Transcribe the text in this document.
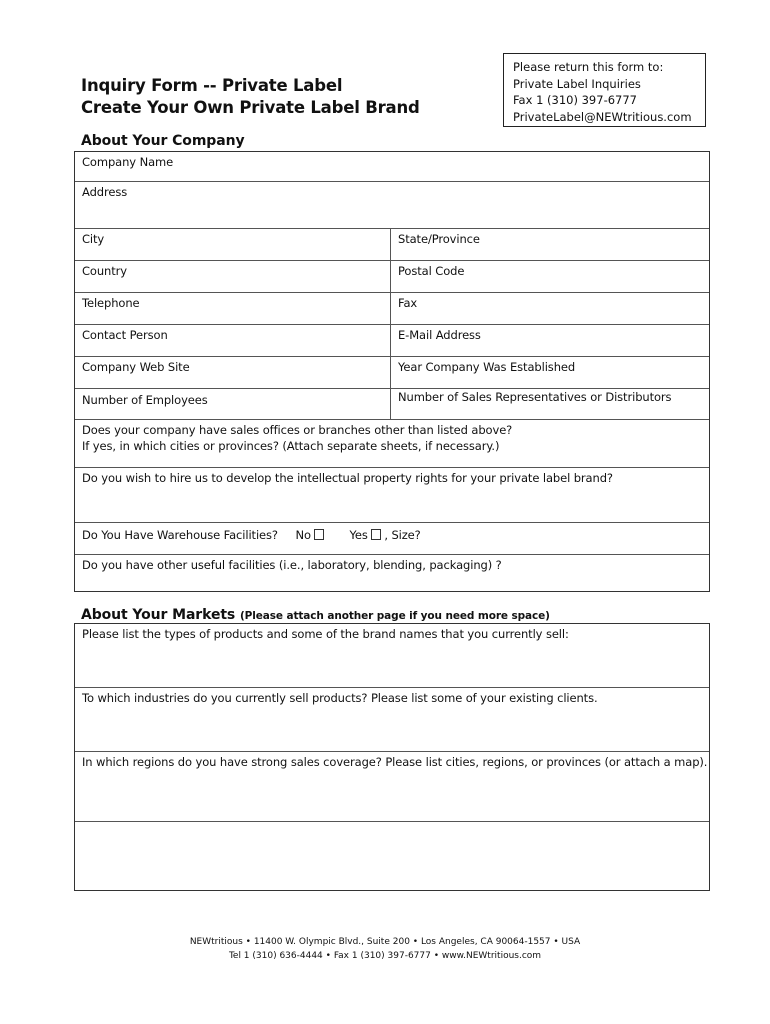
Inquiry Form -- Private Label
Create Your Own Private Label Brand
Please return this form to:
Private Label Inquiries
Fax 1 (310) 397-6777
PrivateLabel@NEWtritious.com
About Your Company
Company Name
Address
City	State/Province
Country	Postal Code
Telephone	Fax
Contact Person	E-Mail Address
Company Web Site	Year Company Was Established
Number of Employees	Number of Sales Representatives or Distributors
Does your company have sales offices or branches other than listed above?
If yes, in which cities or provinces? (Attach separate sheets, if necessary.)
Do you wish to hire us to develop the intellectual property rights for your private label brand?
Do You Have Warehouse Facilities? No	Yes , Size?
Do you have other useful facilities (i.e., laboratory, blending, packaging) ?
About Your Markets (Please attach another page if you need more space)
Please list the types of products and some of the brand names that you currently sell:
To which industries do you currently sell products? Please list some of your existing clients.
In which regions do you have strong sales coverage? Please list cities, regions, or provinces (or attach a map).
NEWtritious • 11400 W. Olympic Blvd., Suite 200 • Los Angeles, CA 90064-1557 • USA
Tel 1 (310) 636-4444 • Fax 1 (310) 397-6777 • www.NEWtritious.com
